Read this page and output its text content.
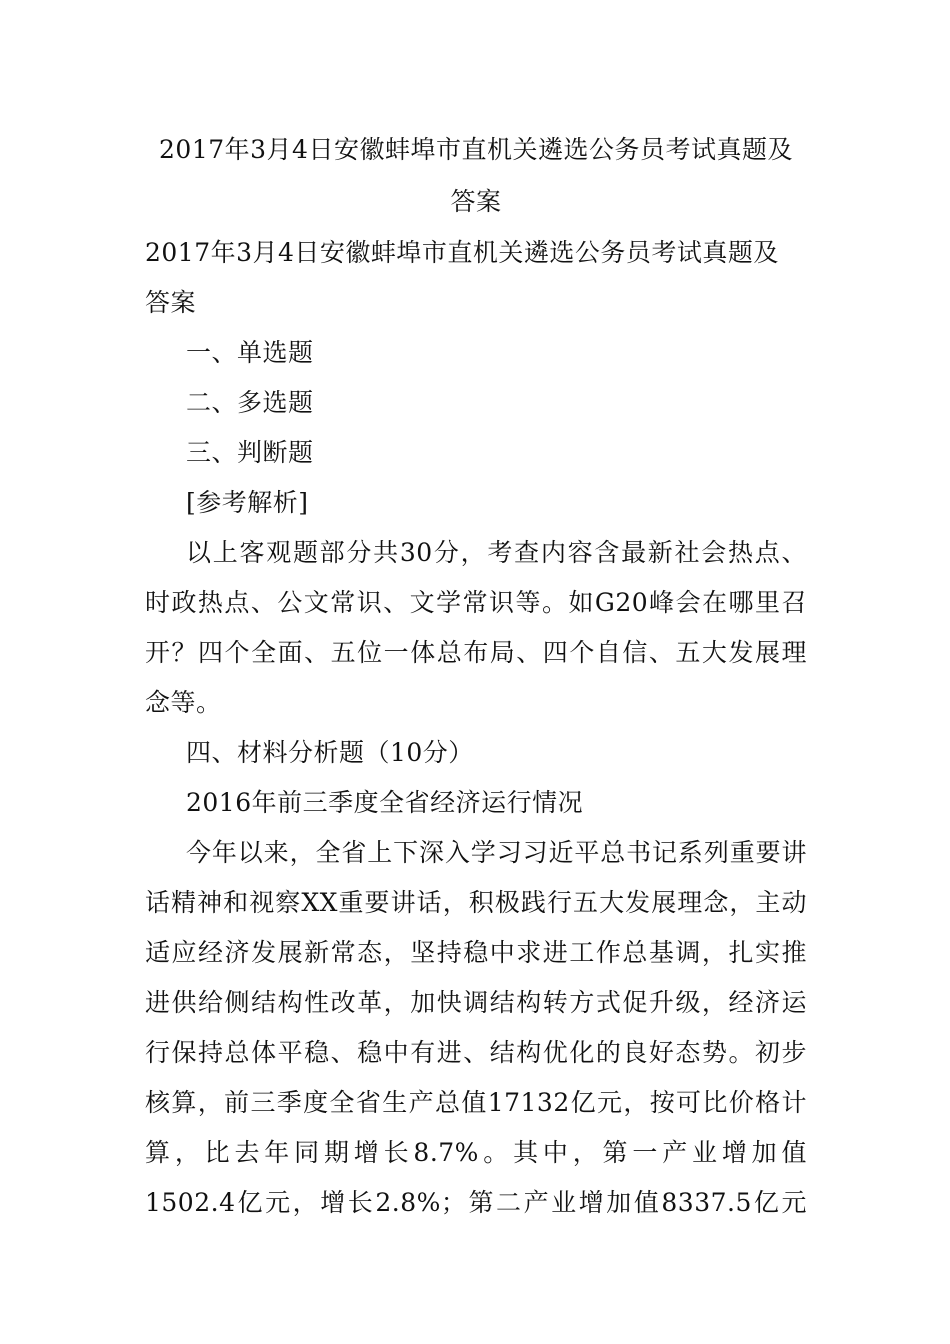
2017年3月4日安徽蚌埠市直机关遴选公务员考试真题及
答案
2017年3月4日安徽蚌埠市直机关遴选公务员考试真题及
答案
一、单选题
二、多选题
三、判断题
[参考解析]
以上客观题部分共30分，考查内容含最新社会热点、
时政热点、公文常识、文学常识等。如G20峰会在哪里召
开？四个全面、五位一体总布局、四个自信、五大发展理
念等。
四、材料分析题（10分）
2016年前三季度全省经济运行情况
今年以来，全省上下深入学习习近平总书记系列重要讲
话精神和视察XX重要讲话，积极践行五大发展理念，主动
适应经济发展新常态，坚持稳中求进工作总基调，扎实推
进供给侧结构性改革，加快调结构转方式促升级，经济运
行保持总体平稳、稳中有进、结构优化的良好态势。初步
核算，前三季度全省生产总值17132亿元，按可比价格计
算，比去年同期增长8.7%。其中，第一产业增加值
1502.4亿元，增长2.8%；第二产业增加值8337.5亿元
